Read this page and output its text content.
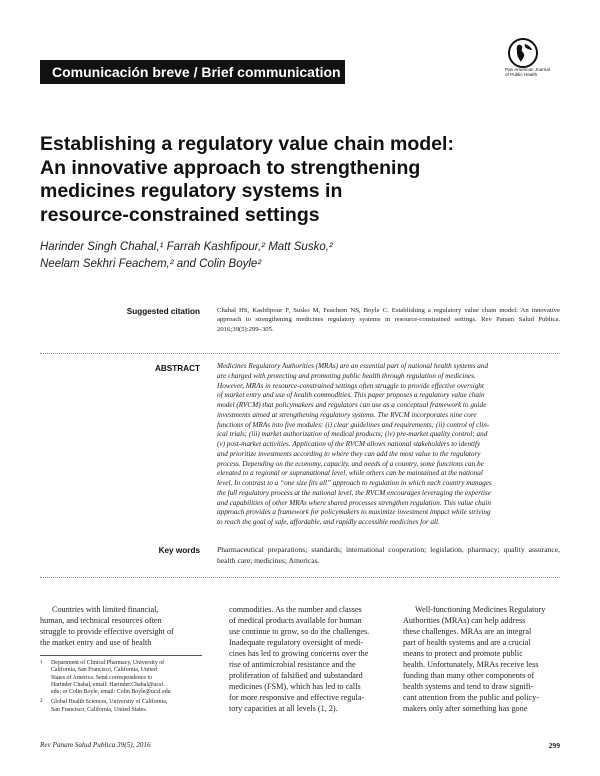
Comunicación breve / Brief communication	Pan American Journal
of Public Health
Establishing a regulatory value chain model:
An innovative approach to strengthening
medicines regulatory systems in
resource-constrained settings
Harinder Singh Chahal,¹ Farrah Kashfipour,² Matt Susko,²
Neelam Sekhri Feachem,² and Colin Boyle²
Suggested citation	Chahal HS, Kashfipour F, Susko M, Feachem NS, Boyle C. Establishing a regulatory value chain model: An innovative approach to strengthening medicines regulatory systems in resource-constrained settings. Rev Panam Salud Publica. 2016;39(5):299–305.
ABSTRACT Medicines Regulatory Authorities (MRAs) are an essential part of national health systems and
are charged with protecting and promoting public health through regulation of medicines.
However, MRAs in resource-constrained settings often struggle to provide effective oversight
of market entry and use of health commodities. This paper proposes a regulatory value chain
model (RVCM) that policymakers and regulators can use as a conceptual framework to guide
investments aimed at strengthening regulatory systems. The RVCM incorporates nine core
functions of MRAs into five modules: (i) clear guidelines and requirements; (ii) control of clin-
ical trials; (iii) market authorization of medical products; (iv) pre-market quality control; and
(v) post-market activities. Application of the RVCM allows national stakeholders to identify
and prioritize investments according to where they can add the most value to the regulatory
process. Depending on the economy, capacity, and needs of a country, some functions can be
elevated to a regional or supranational level, while others can be maintained at the national
level. In contrast to a “one size fits all” approach to regulation in which each country manages
the full regulatory process at the national level, the RVCM encourages leveraging the expertise
and capabilities of other MRAs where shared processes strengthen regulation. This value chain
approach provides a framework for policymakers to maximize investment impact while striving
to reach the goal of safe, affordable, and rapidly accessible medicines for all.
Key words Pharmaceutical preparations; standards; international cooperation; legislation, pharmacy; quality assurance, health care; medicines; Americas.
Countries with limited financial,
human, and technical resources often
struggle to provide effective oversight of
the market entry and use of health
1 Department of Clinical Pharmacy, University of
California, San Francisco, California, United
States of America. Send correspondence to
Harinder Chahal, email: Harinder.Chahal@ucsf.
edu; or Colin Boyle, email: Colin.Boyle@ucsf.edu
2 Global Health Sciences, University of California,
San Francisco, California, United States.
commodities. As the number and classes
of medical products available for human
use continue to grow, so do the challenges.
Inadequate regulatory oversight of medi-
cines has led to growing concerns over the
rise of antimicrobial resistance and the
proliferation of falsified and substandard
medicines (FSM), which has led to calls
for more responsive and effective regula-
tory capacities at all levels (1, 2).
Well-functioning Medicines Regulatory
Authorities (MRAs) can help address
these challenges. MRAs are an integral
part of health systems and are a crucial
means to protect and promote public
health. Unfortunately, MRAs receive less
funding than many other components of
health systems and tend to draw signifi-
cant attention from the public and policy-
makers only after something has gone
Rev Panam Salud Publica 39(5), 2016	299
